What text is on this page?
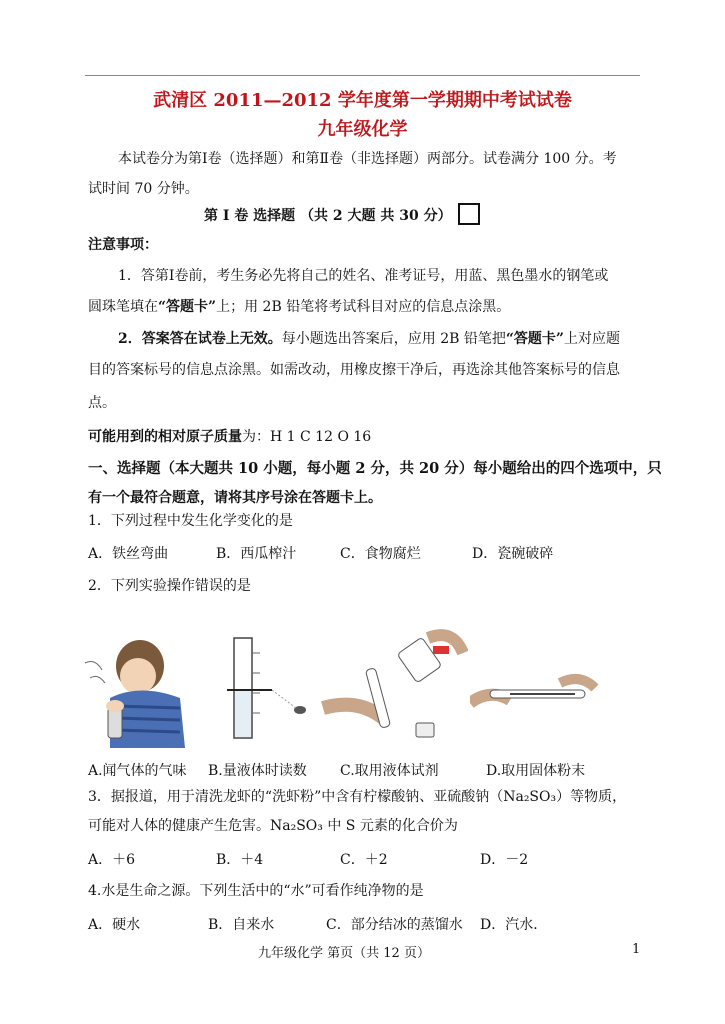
武清区 2011—2012 学年度第一学期期中考试试卷
九年级化学
本试卷分为第Ⅰ卷（选择题）和第Ⅱ卷（非选择题）两部分。试卷满分 100 分。考
试时间 70 分钟。
第 Ⅰ 卷 选择题 （共 2 大题 共 30 分）
注意事项：
1．答第Ⅰ卷前，考生务必先将自己的姓名、准考证号，用蓝、黑色墨水的钢笔或
圆珠笔填在“答题卡”上；用 2B 铅笔将考试科目对应的信息点涂黑。
2．答案答在试卷上无效。每小题选出答案后，应用 2B 铅笔把“答题卡”上对应题
目的答案标号的信息点涂黑。如需改动，用橡皮擦干净后，再选涂其他答案标号的信息
点。
可能用到的相对原子质量为：H 1 C 12 O 16
一、选择题（本大题共 10 小题，每小题 2 分，共 20 分）每小题给出的四个选项中，只
有一个最符合题意，请将其序号涂在答题卡上。
1．下列过程中发生化学变化的是
A．铁丝弯曲	B．西瓜榨汁	C．食物腐烂	D．瓷碗破碎
2．下列实验操作错误的是
A.闻气体的气味 B.量液体时读数 C.取用液体试剂	D.取用固体粉末
3．据报道，用于清洗龙虾的“洗虾粉”中含有柠檬酸钠、亚硫酸钠（Na₂SO₃）等物质，
可能对人体的健康产生危害。Na₂SO₃ 中 S 元素的化合价为
A．＋6	B．＋4	C．＋2	D．－2
4.水是生命之源。下列生活中的“水”可看作纯净物的是
A．硬水	B．自来水	C．部分结冰的蒸馏水 D．汽水．
九年级化学 第页（共 12 页）	1
